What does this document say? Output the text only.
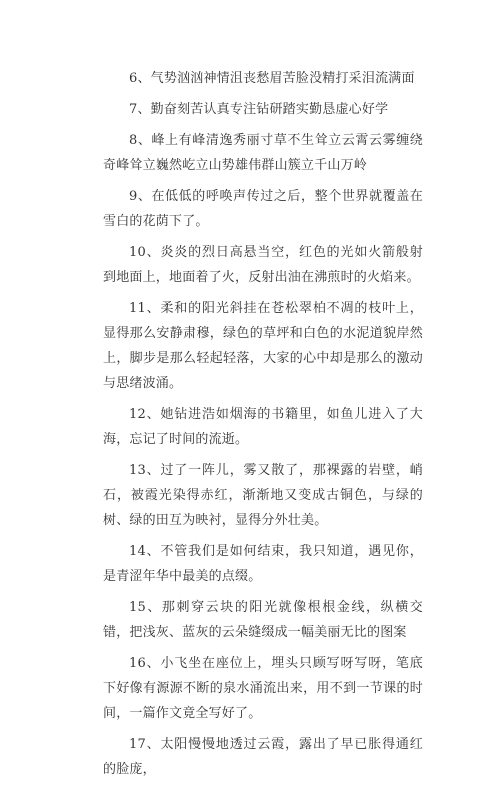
6、气势汹汹神情沮丧愁眉苦脸没精打采泪流满面

7、勤奋刻苦认真专注钻研踏实勤恳虚心好学

8、峰上有峰清逸秀丽寸草不生耸立云霄云雾缠绕奇峰耸立巍然屹立山势雄伟群山簇立千山万岭

9、在低低的呼唤声传过之后，整个世界就覆盖在雪白的花荫下了。

10、炎炎的烈日高悬当空，红色的光如火箭般射到地面上，地面着了火，反射出油在沸煎时的火焰来。

11、柔和的阳光斜挂在苍松翠柏不凋的枝叶上，显得那么安静肃穆，绿色的草坪和白色的水泥道貌岸然上，脚步是那么轻起轻落，大家的心中却是那么的激动与思绪波涌。

12、她钻进浩如烟海的书籍里，如鱼儿进入了大海，忘记了时间的流逝。

13、过了一阵儿，雾又散了，那裸露的岩壁，峭石，被霞光染得赤红，渐渐地又变成古铜色，与绿的树、绿的田互为映衬，显得分外壮美。

14、不管我们是如何结束，我只知道，遇见你，是青涩年华中最美的点缀。

15、那刺穿云块的阳光就像根根金线，纵横交错，把浅灰、蓝灰的云朵缝缀成一幅美丽无比的图案

16、小飞坐在座位上，埋头只顾写呀写呀，笔底下好像有源源不断的泉水涌流出来，用不到一节课的时间，一篇作文竟全写好了。

17、太阳慢慢地透过云霞，露出了早已胀得通红的脸庞，
